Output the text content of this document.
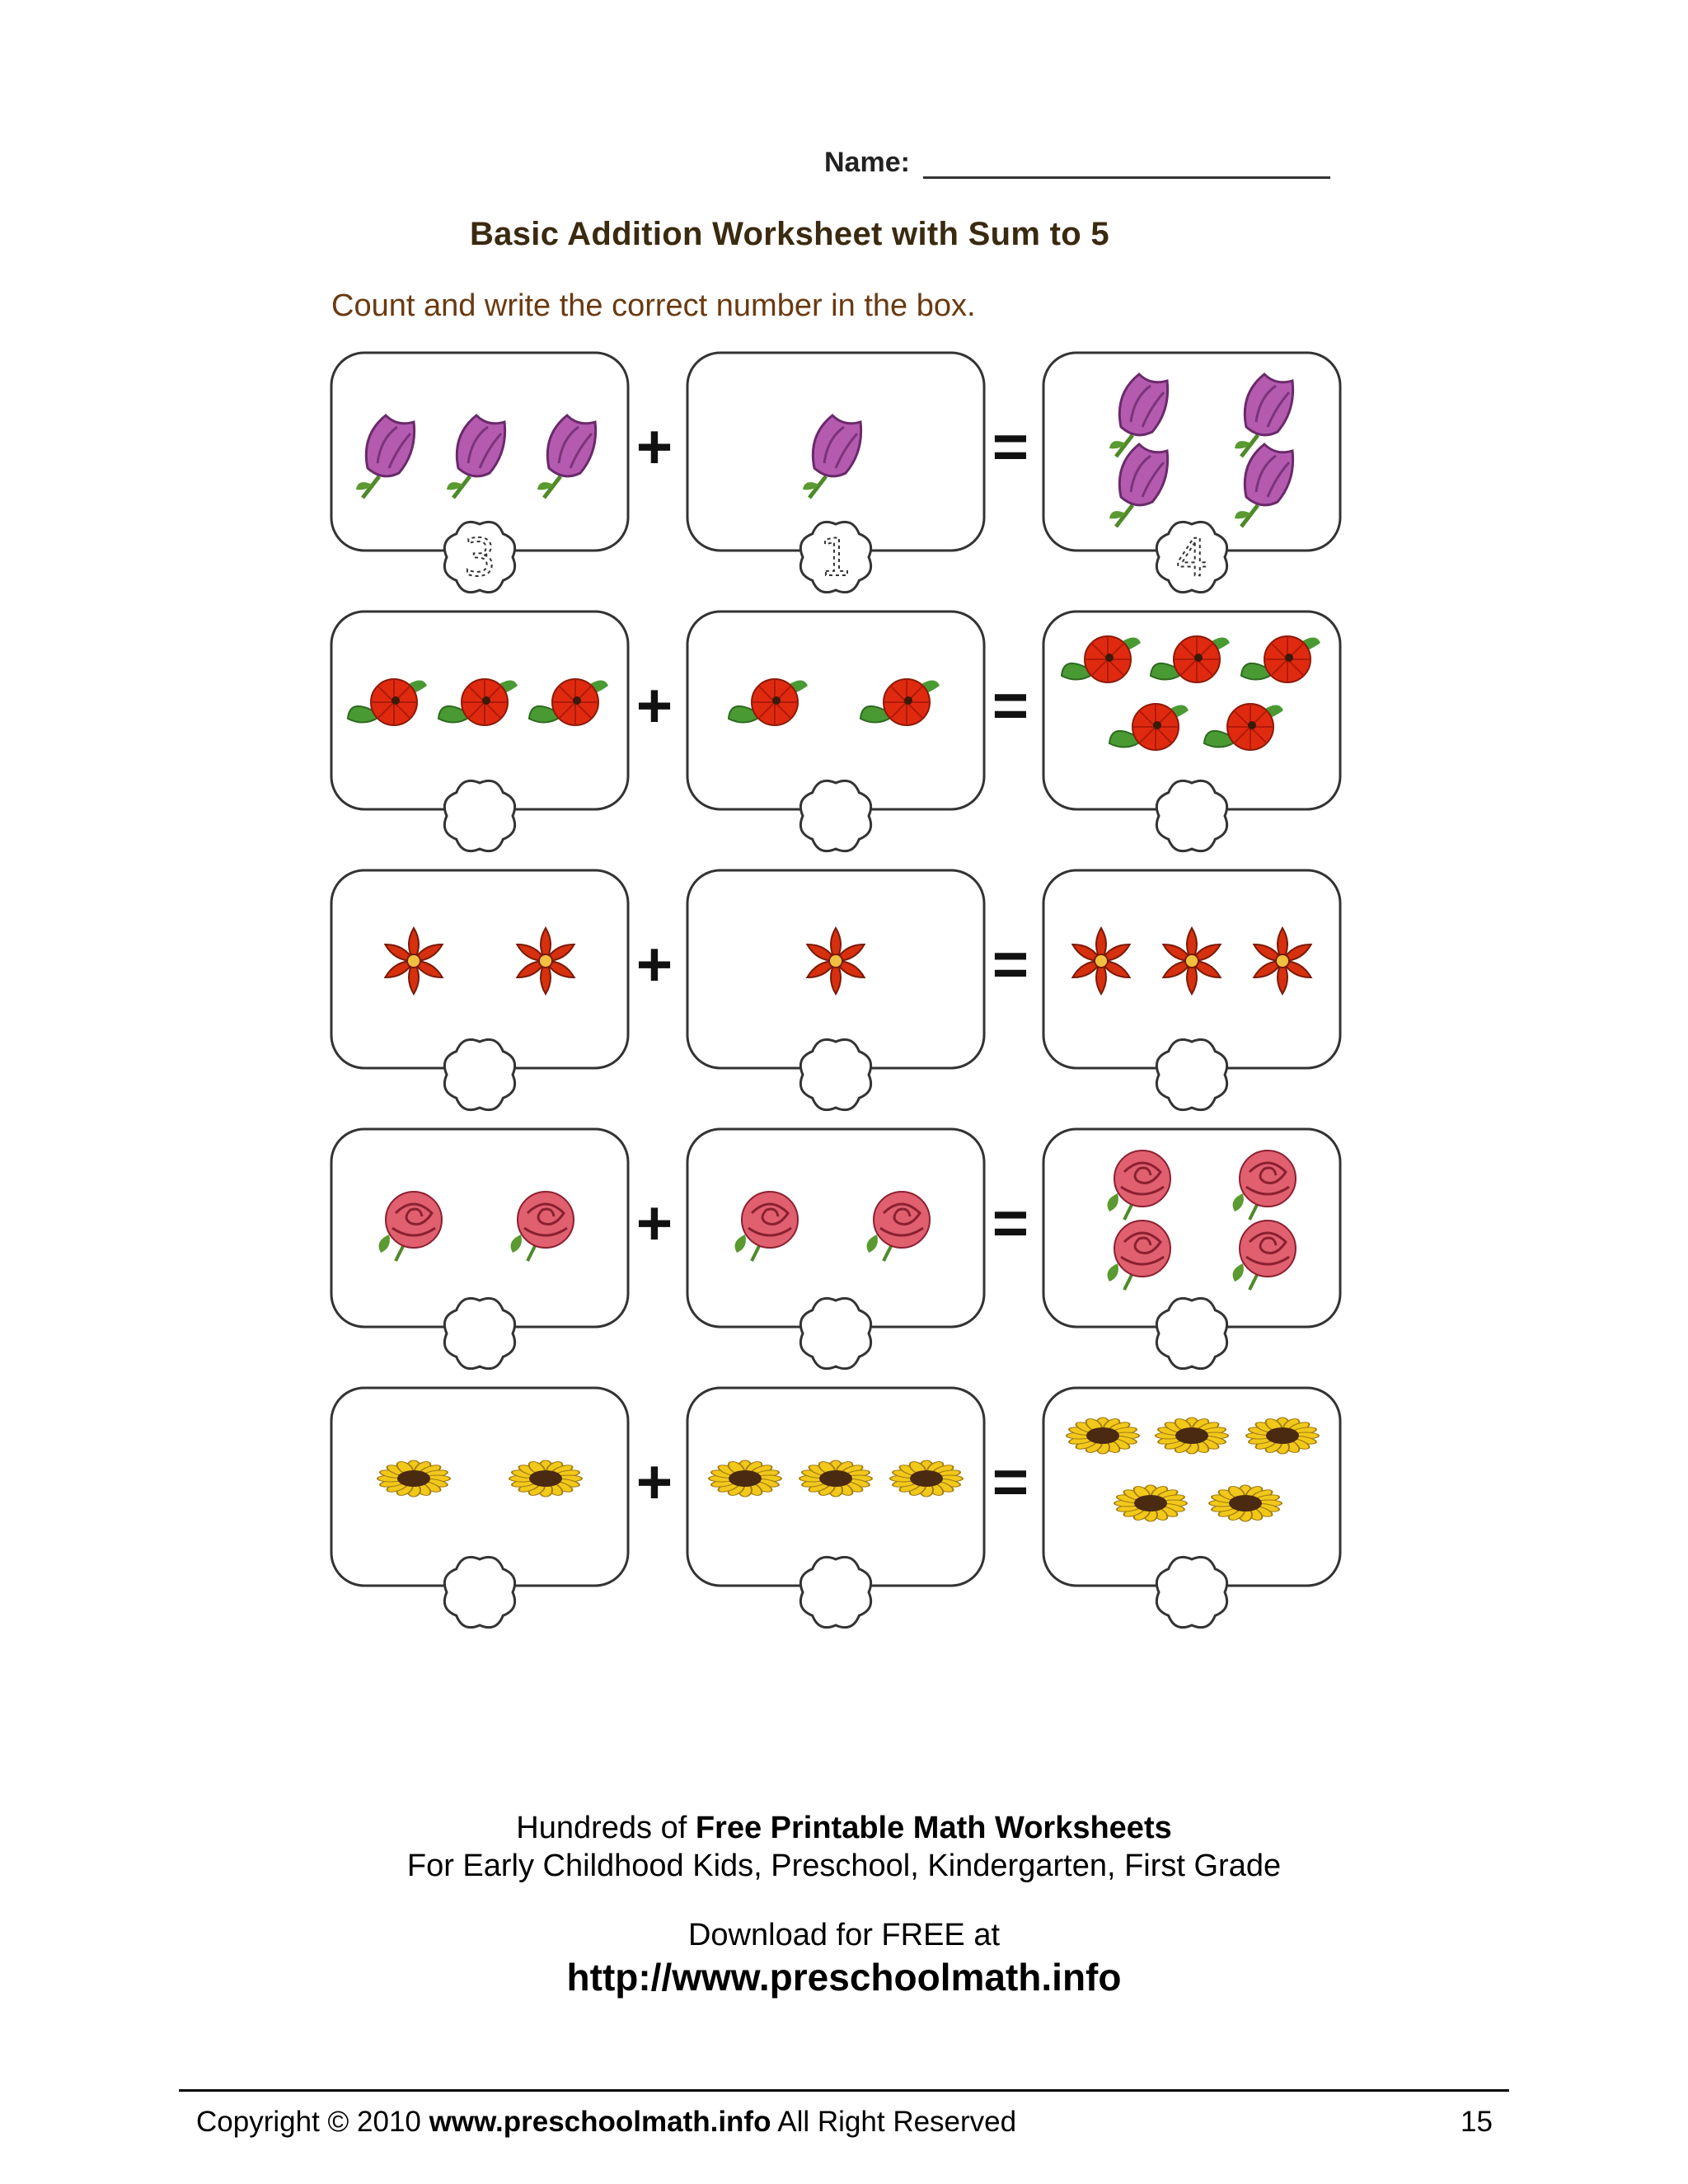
Name:
Basic Addition Worksheet with Sum to 5
Count and write the correct number in the box.
3	1	4
+	=
+	=
+	=
+	=
+	=
Hundreds of Free Printable Math Worksheets
For Early Childhood Kids, Preschool, Kindergarten, First Grade
Download for FREE at
http://www.preschoolmath.info
Copyright © 2010 www.preschoolmath.info All Right Reserved	15
